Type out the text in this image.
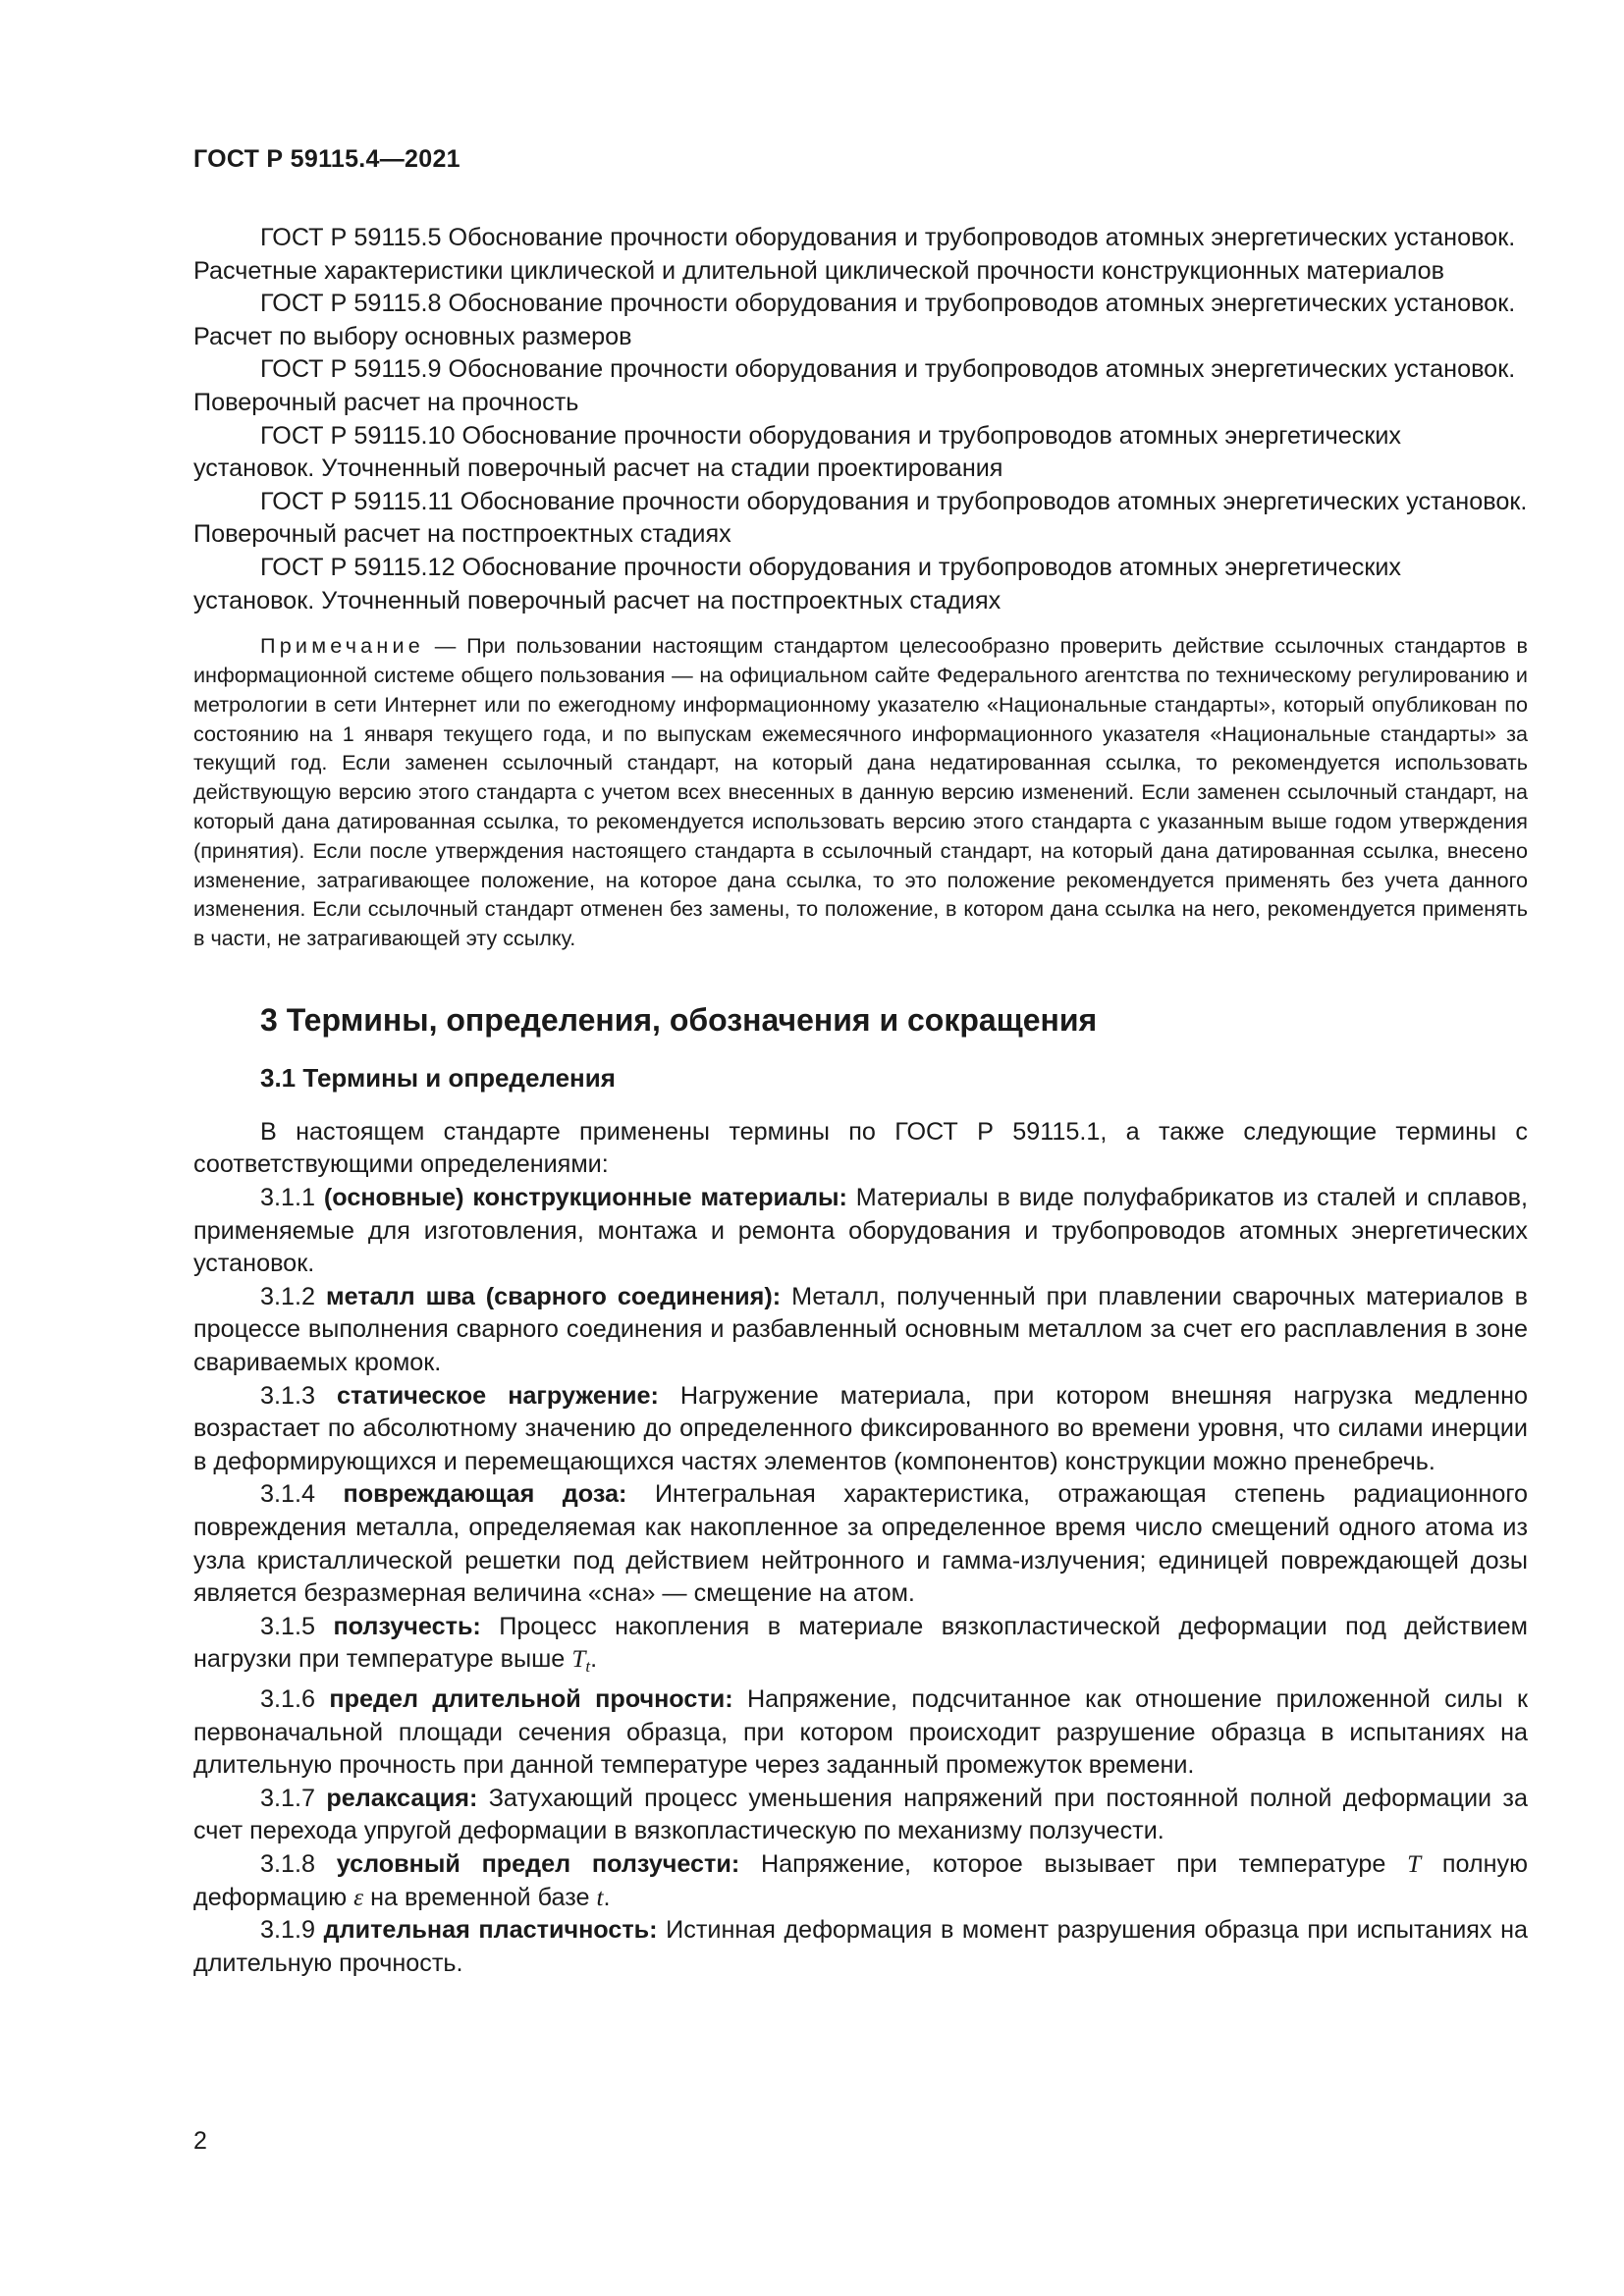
ГОСТ Р 59115.4—2021

ГОСТ Р 59115.5 Обоснование прочности оборудования и трубопроводов атомных энергетических установок. Расчетные характеристики циклической и длительной циклической прочности конструкционных материалов

ГОСТ Р 59115.8 Обоснование прочности оборудования и трубопроводов атомных энергетических установок. Расчет по выбору основных размеров

ГОСТ Р 59115.9 Обоснование прочности оборудования и трубопроводов атомных энергетических установок. Поверочный расчет на прочность

ГОСТ Р 59115.10 Обоснование прочности оборудования и трубопроводов атомных энергетических установок. Уточненный поверочный расчет на стадии проектирования

ГОСТ Р 59115.11 Обоснование прочности оборудования и трубопроводов атомных энергетических установок. Поверочный расчет на постпроектных стадиях

ГОСТ Р 59115.12 Обоснование прочности оборудования и трубопроводов атомных энергетических установок. Уточненный поверочный расчет на постпроектных стадиях

Примечание — При пользовании настоящим стандартом целесообразно проверить действие ссылочных стандартов в информационной системе общего пользования — на официальном сайте Федерального агентства по техническому регулированию и метрологии в сети Интернет или по ежегодному информационному указателю «Национальные стандарты», который опубликован по состоянию на 1 января текущего года, и по выпускам ежемесячного информационного указателя «Национальные стандарты» за текущий год. Если заменен ссылочный стандарт, на который дана недатированная ссылка, то рекомендуется использовать действующую версию этого стандарта с учетом всех внесенных в данную версию изменений. Если заменен ссылочный стандарт, на который дана датированная ссылка, то рекомендуется использовать версию этого стандарта с указанным выше годом утверждения (принятия). Если после утверждения настоящего стандарта в ссылочный стандарт, на который дана датированная ссылка, внесено изменение, затрагивающее положение, на которое дана ссылка, то это положение рекомендуется применять без учета данного изменения. Если ссылочный стандарт отменен без замены, то положение, в котором дана ссылка на него, рекомендуется применять в части, не затрагивающей эту ссылку.

3 Термины, определения, обозначения и сокращения
3.1 Термины и определения

В настоящем стандарте применены термины по ГОСТ Р 59115.1, а также следующие термины с соответствующими определениями:

3.1.1 (основные) конструкционные материалы: Материалы в виде полуфабрикатов из сталей и сплавов, применяемые для изготовления, монтажа и ремонта оборудования и трубопроводов атомных энергетических установок.

3.1.2 металл шва (сварного соединения): Металл, полученный при плавлении сварочных материалов в процессе выполнения сварного соединения и разбавленный основным металлом за счет его расплавления в зоне свариваемых кромок.

3.1.3 статическое нагружение: Нагружение материала, при котором внешняя нагрузка медленно возрастает по абсолютному значению до определенного фиксированного во времени уровня, что силами инерции в деформирующихся и перемещающихся частях элементов (компонентов) конструкции можно пренебречь.

3.1.4 повреждающая доза: Интегральная характеристика, отражающая степень радиационного повреждения металла, определяемая как накопленное за определенное время число смещений одного атома из узла кристаллической решетки под действием нейтронного и гамма-излучения; единицей повреждающей дозы является безразмерная величина «сна» — смещение на атом.

3.1.5 ползучесть: Процесс накопления в материале вязкопластической деформации под действием нагрузки при температуре выше $T_t$.

3.1.6 предел длительной прочности: Напряжение, подсчитанное как отношение приложенной силы к первоначальной площади сечения образца, при котором происходит разрушение образца в испытаниях на длительную прочность при данной температуре через заданный промежуток времени.

3.1.7 релаксация: Затухающий процесс уменьшения напряжений при постоянной полной деформации за счет перехода упругой деформации в вязкопластическую по механизму ползучести.

3.1.8 условный предел ползучести: Напряжение, которое вызывает при температуре T полную деформацию ε на временной базе t.

3.1.9 длительная пластичность: Истинная деформация в момент разрушения образца при испытаниях на длительную прочность.

2
